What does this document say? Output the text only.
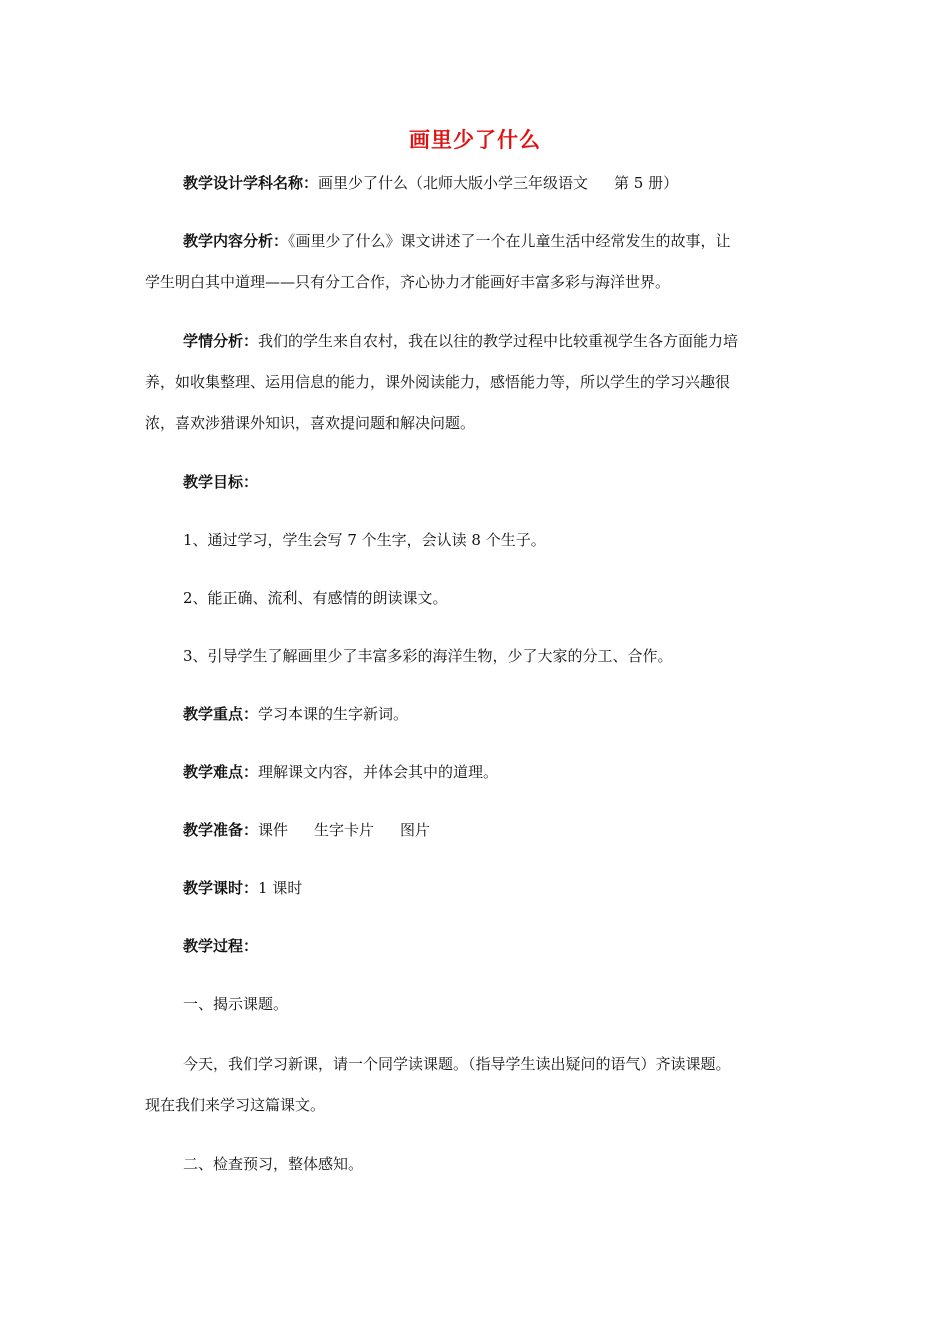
画里少了什么
教学设计学科名称：画里少了什么（北师大版小学三年级语文 第 5 册）
教学内容分析：《画里少了什么》课文讲述了一个在儿童生活中经常发生的故事，让
学生明白其中道理——只有分工合作，齐心协力才能画好丰富多彩与海洋世界。
学情分析：我们的学生来自农村，我在以往的教学过程中比较重视学生各方面能力培
养，如收集整理、运用信息的能力，课外阅读能力，感悟能力等，所以学生的学习兴趣很
浓，喜欢涉猎课外知识，喜欢提问题和解决问题。
教学目标：
1、通过学习，学生会写 7 个生字，会认读 8 个生子。
2、能正确、流利、有感情的朗读课文。
3、引导学生了解画里少了丰富多彩的海洋生物，少了大家的分工、合作。
教学重点：学习本课的生字新词。
教学难点：理解课文内容，并体会其中的道理。
教学准备：课件 生字卡片 图片
教学课时：1 课时
教学过程：
一、揭示课题。
今天，我们学习新课，请一个同学读课题。（指导学生读出疑问的语气）齐读课题。
现在我们来学习这篇课文。
二、检查预习，整体感知。
